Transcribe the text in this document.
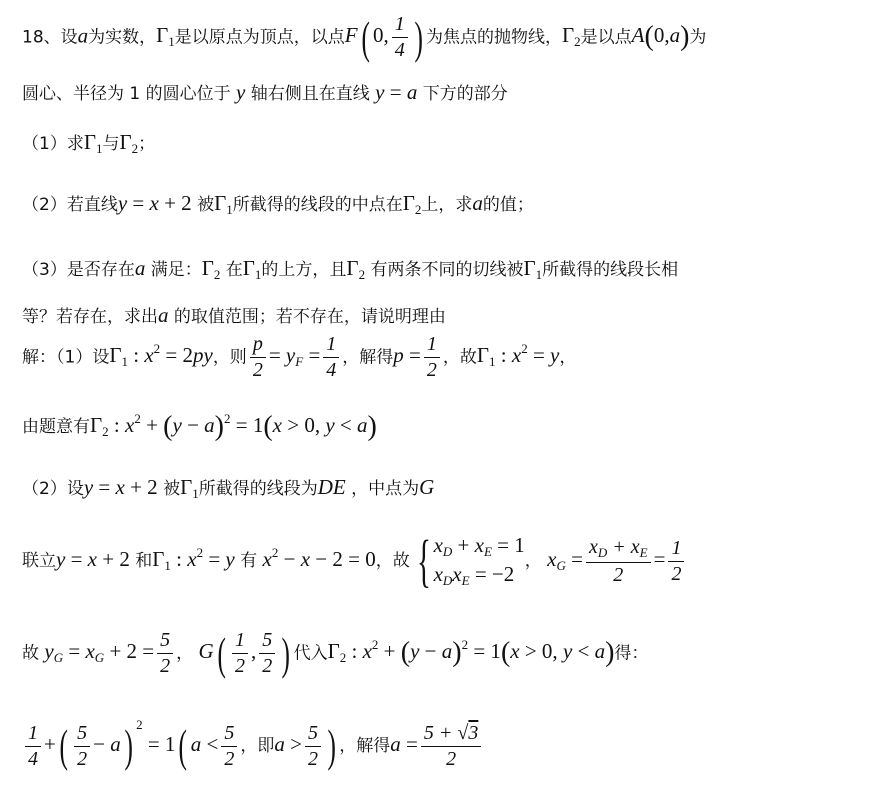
18、设a为实数，$\Gamma_1$是以原点为顶点，以点F( 0, $\frac{1}{4}$ ) 为焦点的抛物线，$\Gamma_2$是以点A(0,a)为
圆心、半径为 1 的圆心位于 y 轴右侧且在直线 y = a 下方的部分
（1）求$\Gamma_1$与$\Gamma_2$；
（2）若直线y = x + 2 被$\Gamma_1$所截得的线段的中点在$\Gamma_2$上，求a的值；
（3）是否存在a 满足：$\Gamma_2$ 在$\Gamma_1$的上方，且$\Gamma_2$ 有两条不同的切线被$\Gamma_1$所截得的线段长相
等？若存在，求出a 的取值范围；若不存在，请说明理由
解：（1）设$\Gamma_1$ : $x^2 = 2py$，则 $\frac{p}{2} = y_F = \frac{1}{4}$ ，解得$p = \frac{1}{2}$ ，故$\Gamma_1$ : $x^2 = y$，
由题意有$\Gamma_2$ : $x^2 + (y - a)^2 = 1(x > 0$, y < a)
（2）设y = x + 2 被$\Gamma_1$所截得的线段为DE ，中点为G
联立y = x + 2 和$\Gamma_1$ : $x^2 = y$ 有 $x^2 - x - 2 = 0$，故 { $x_D + x_E = 1$
$x_Dx_E = -2$
， $x_G = \frac{x_D + x_E}{2} = \frac{1}{2}$
故 $y_G = x_G + 2 = \frac{5}{2}$ ， $G( \frac{1}{2}$ , $\frac{5}{2}$ ) 代入$\Gamma_2$ : $x^2 + (y - a)^2 = 1(x > 0$, y < a)得：
$\frac{1}{4}$ +( $\frac{5}{2} - a$) $^2$ = 1( $a < \frac{5}{2}$ ，即$a > \frac{5}{2}$ ) ，解得$a = \frac{5 + √3}{2}$
